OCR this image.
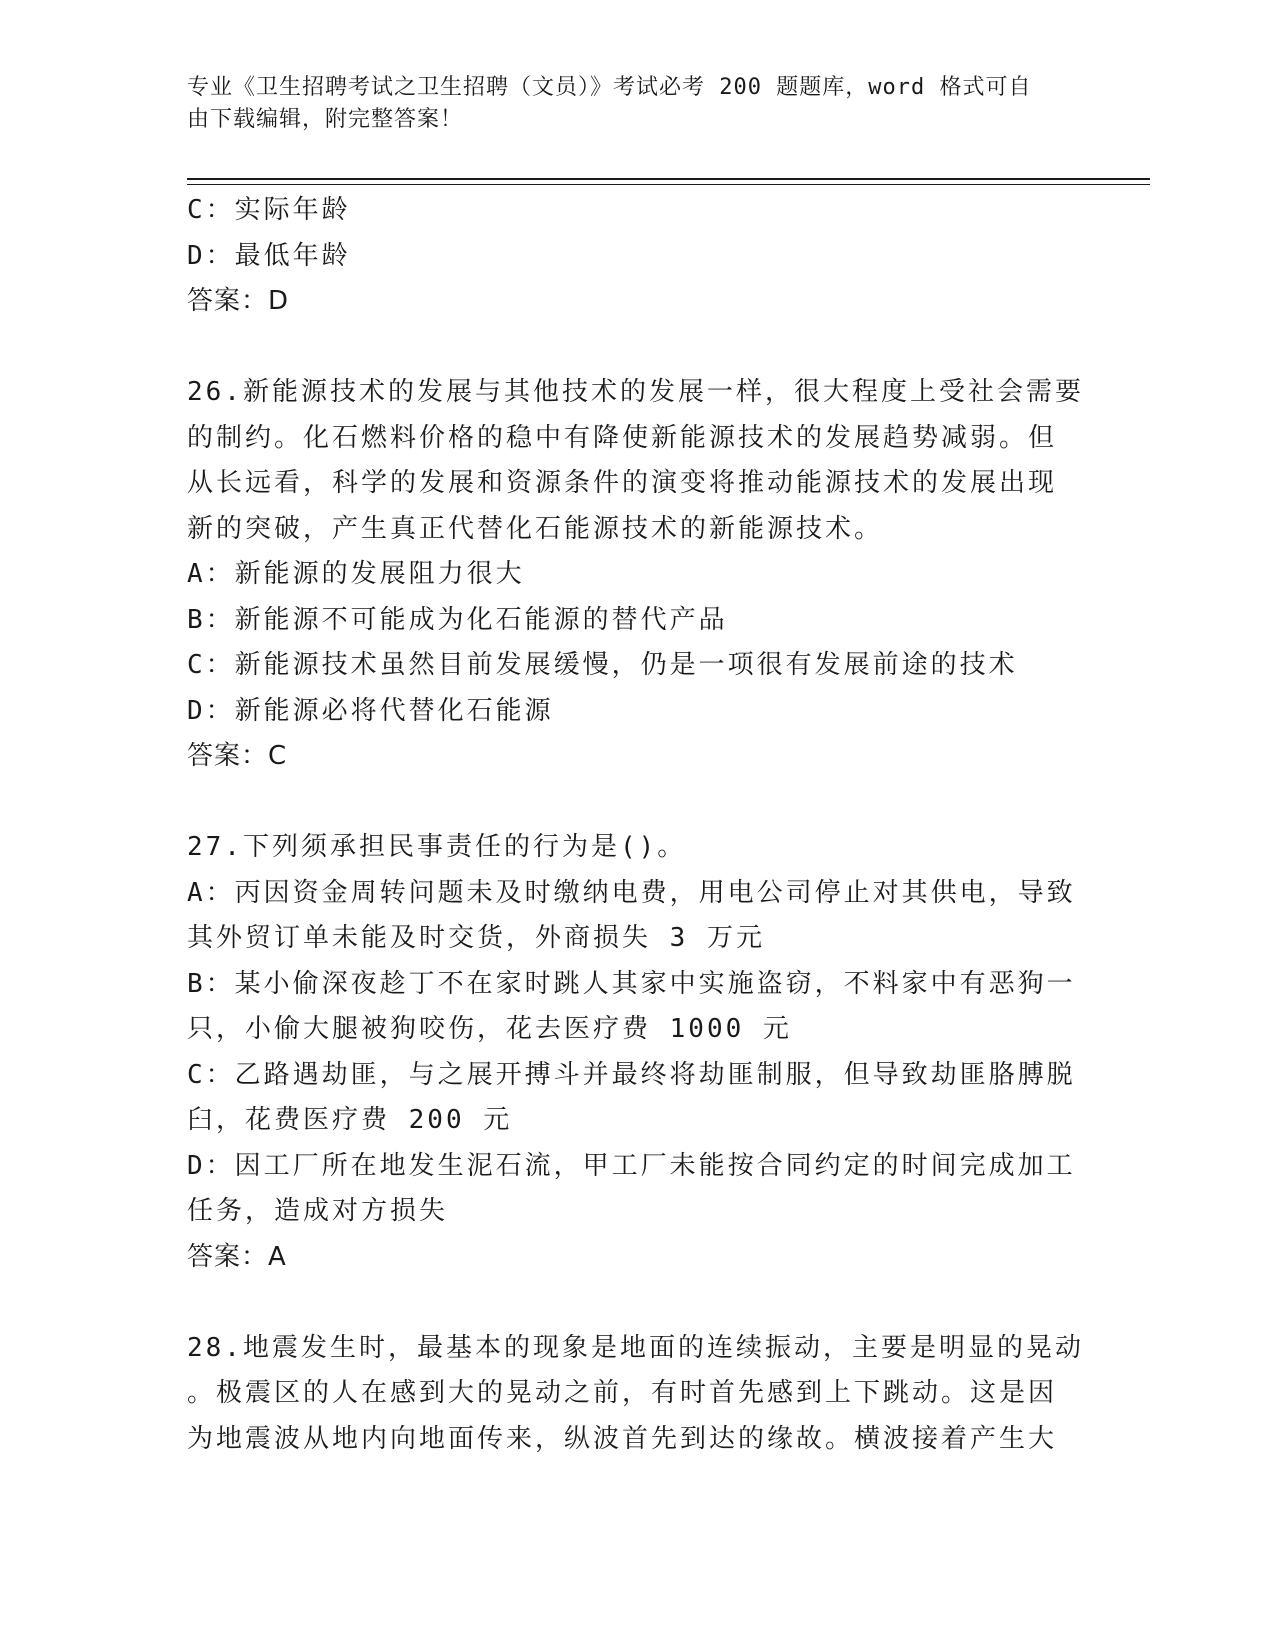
专业《卫生招聘考试之卫生招聘（文员）》考试必考 200 题题库，word 格式可自
由下载编辑，附完整答案！
C：实际年龄
D：最低年龄
答案：D
26.新能源技术的发展与其他技术的发展一样，很大程度上受社会需要
的制约。化石燃料价格的稳中有降使新能源技术的发展趋势减弱。但
从长远看，科学的发展和资源条件的演变将推动能源技术的发展出现
新的突破，产生真正代替化石能源技术的新能源技术。
A：新能源的发展阻力很大
B：新能源不可能成为化石能源的替代产品
C：新能源技术虽然目前发展缓慢，仍是一项很有发展前途的技术
D：新能源必将代替化石能源
答案：C
27.下列须承担民事责任的行为是()。
A：丙因资金周转问题未及时缴纳电费，用电公司停止对其供电，导致
其外贸订单未能及时交货，外商损失 3 万元
B：某小偷深夜趁丁不在家时跳人其家中实施盗窃，不料家中有恶狗一
只，小偷大腿被狗咬伤，花去医疗费 1000 元
C：乙路遇劫匪，与之展开搏斗并最终将劫匪制服，但导致劫匪胳膊脱
臼，花费医疗费 200 元
D：因工厂所在地发生泥石流，甲工厂未能按合同约定的时间完成加工
任务，造成对方损失
答案：A
28.地震发生时，最基本的现象是地面的连续振动，主要是明显的晃动
。极震区的人在感到大的晃动之前，有时首先感到上下跳动。这是因
为地震波从地内向地面传来，纵波首先到达的缘故。横波接着产生大
